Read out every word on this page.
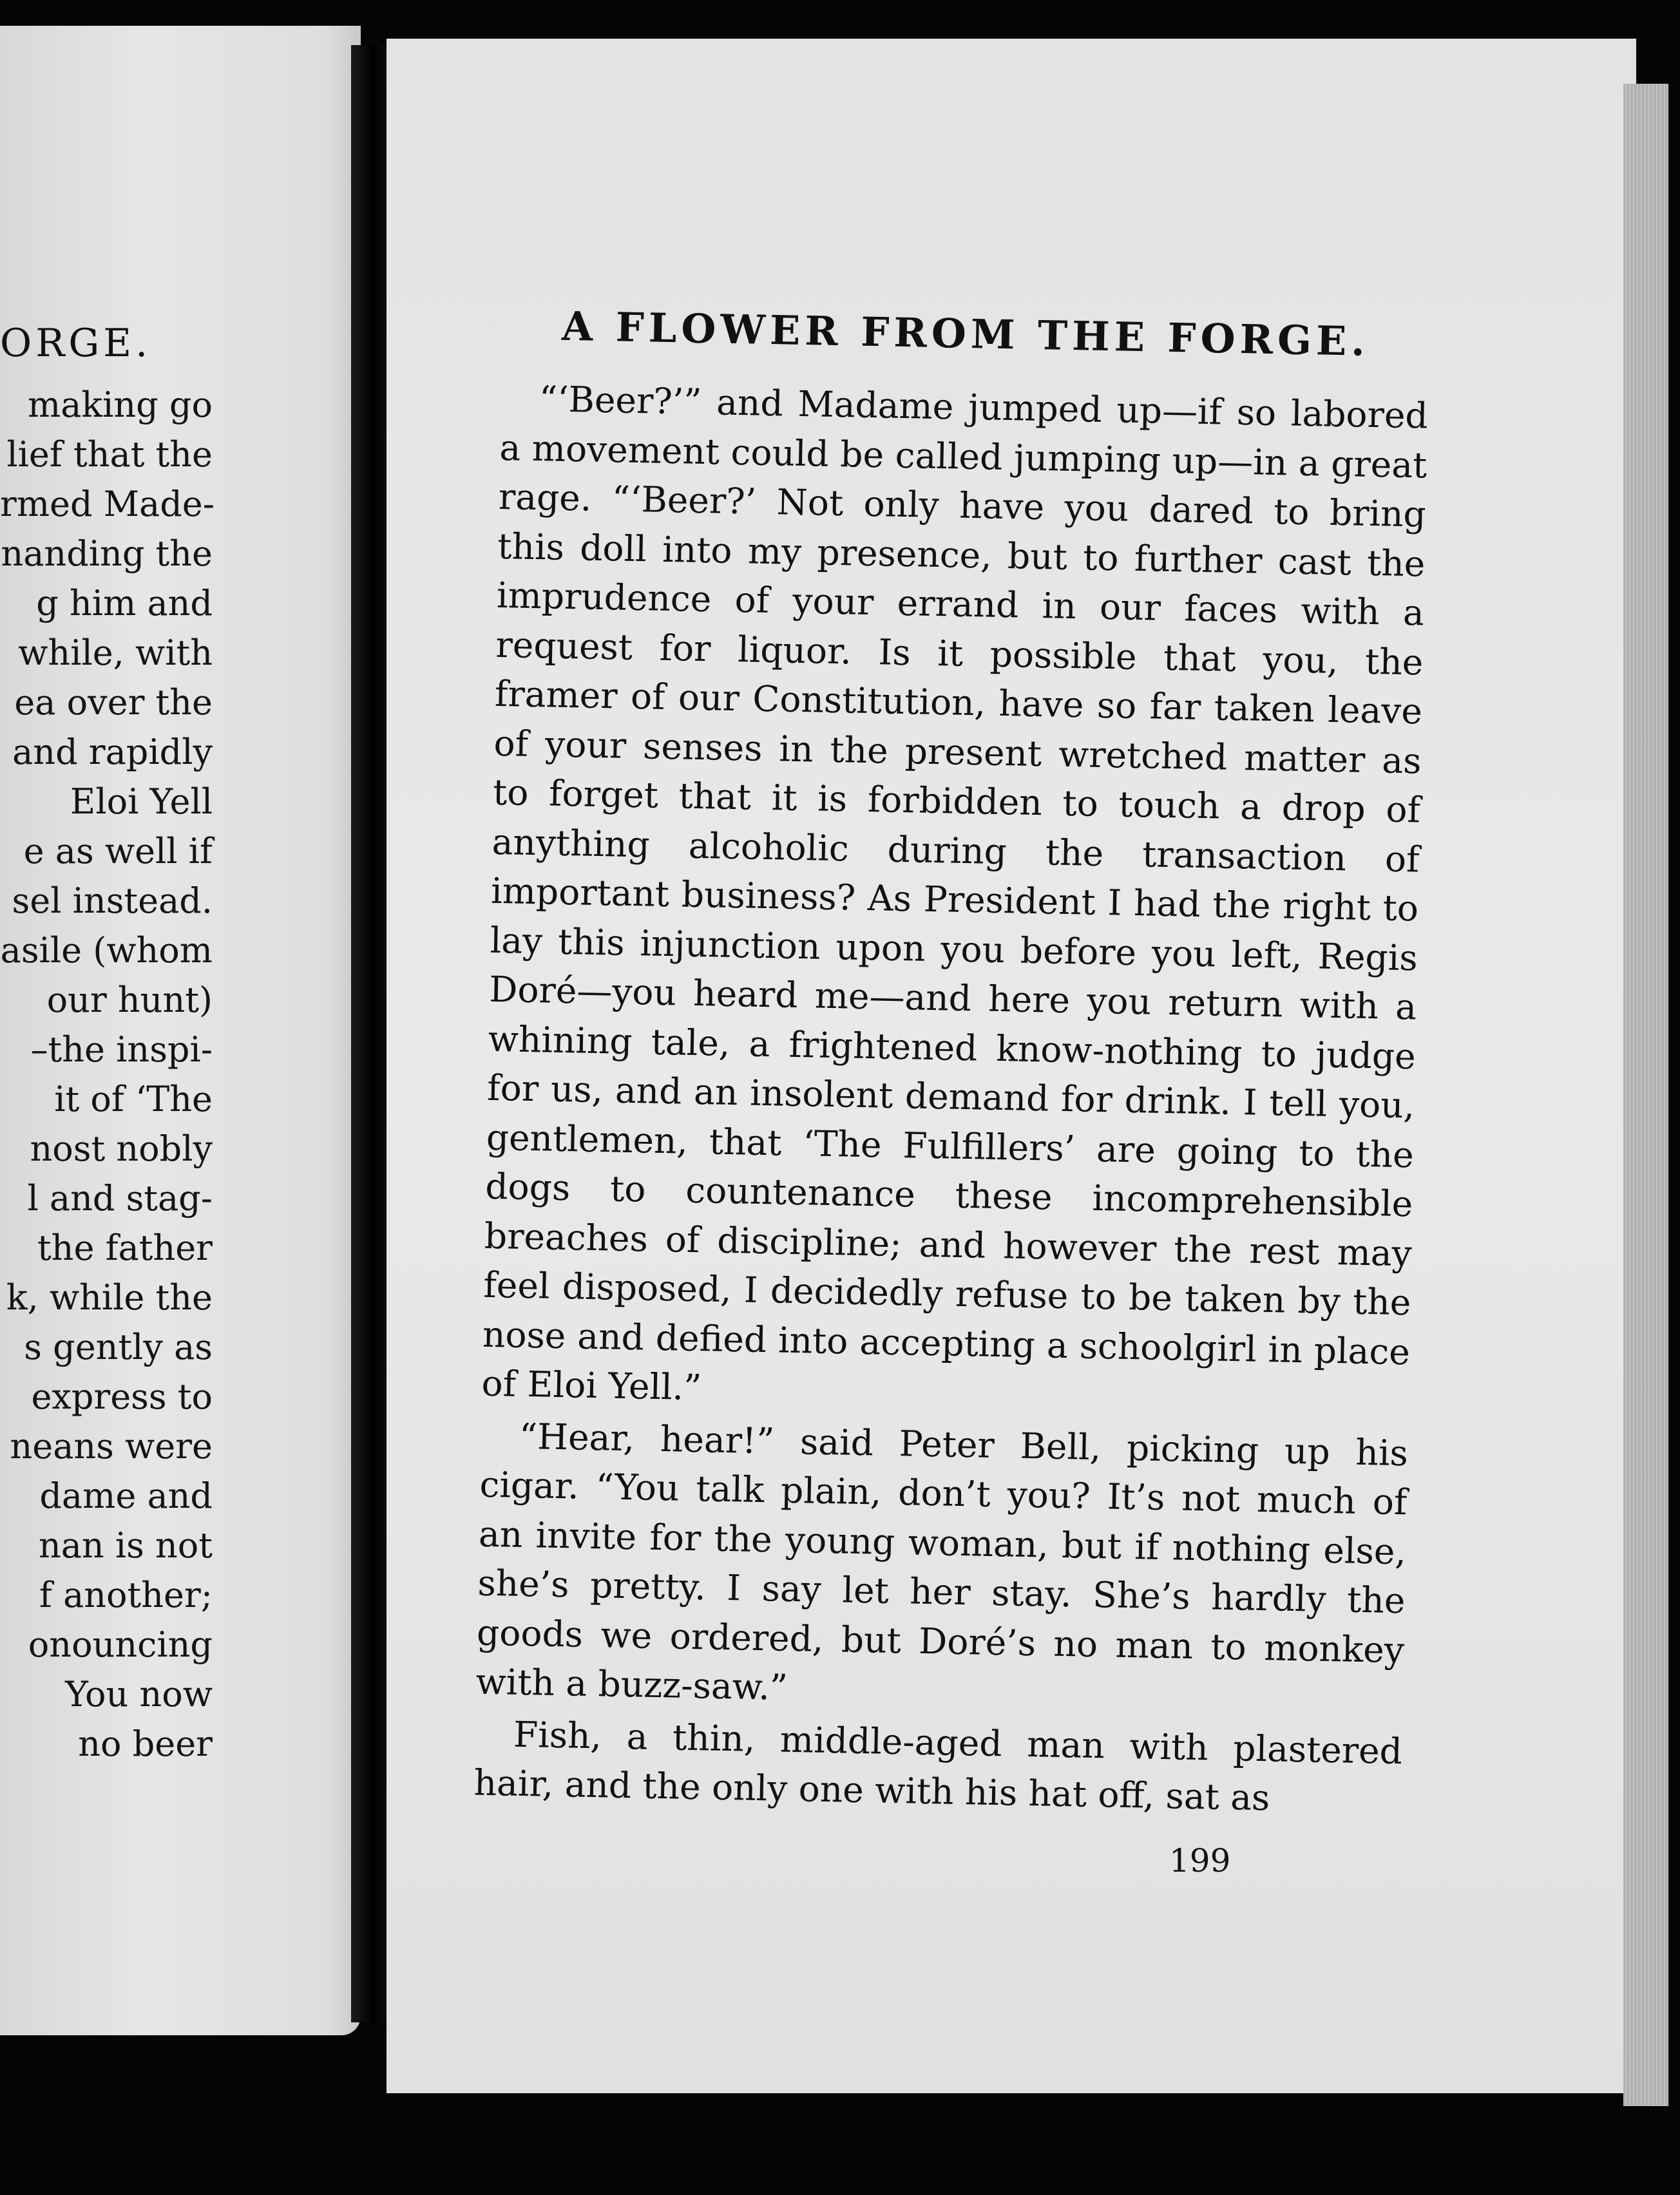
ORGE.
making go
lief that the
rmed Made-
nanding the
g him and
while, with
ea over the
and rapidly
Eloi Yell
e as well if
sel instead.
asile (whom
our hunt)
–the inspi-
it of ‘The
nost nobly
l and stag-
the father
k, while the
s gently as
express to
neans were
dame and
nan is not
f another;
onouncing
You now
no beer
A FLOWER FROM THE FORGE.

“‘Beer?’” and Madame jumped up—if so labored a movement could be called jumping up—in a great rage. “‘Beer?’ Not only have you dared to bring this doll into my presence, but to further cast the imprudence of your errand in our faces with a request for liquor. Is it possible that you, the framer of our Constitution, have so far taken leave of your senses in the present wretched matter as to forget that it is forbidden to touch a drop of anything alcoholic during the transaction of important business? As President I had the right to lay this injunction upon you before you left, Regis Doré—you heard me—and here you return with a whining tale, a frightened know-nothing to judge for us, and an insolent demand for drink. I tell you, gentlemen, that ‘The Fulfillers’ are going to the dogs to countenance these incomprehensible breaches of discipline; and however the rest may feel disposed, I decidedly refuse to be taken by the nose and defied into accepting a schoolgirl in place of Eloi Yell.”

“Hear, hear!” said Peter Bell, picking up his cigar. “You talk plain, don’t you? It’s not much of an invite for the young woman, but if nothing else, she’s pretty. I say let her stay. She’s hardly the goods we ordered, but Doré’s no man to monkey with a buzz-saw.”

Fish, a thin, middle-aged man with plastered hair, and the only one with his hat off, sat as

199
